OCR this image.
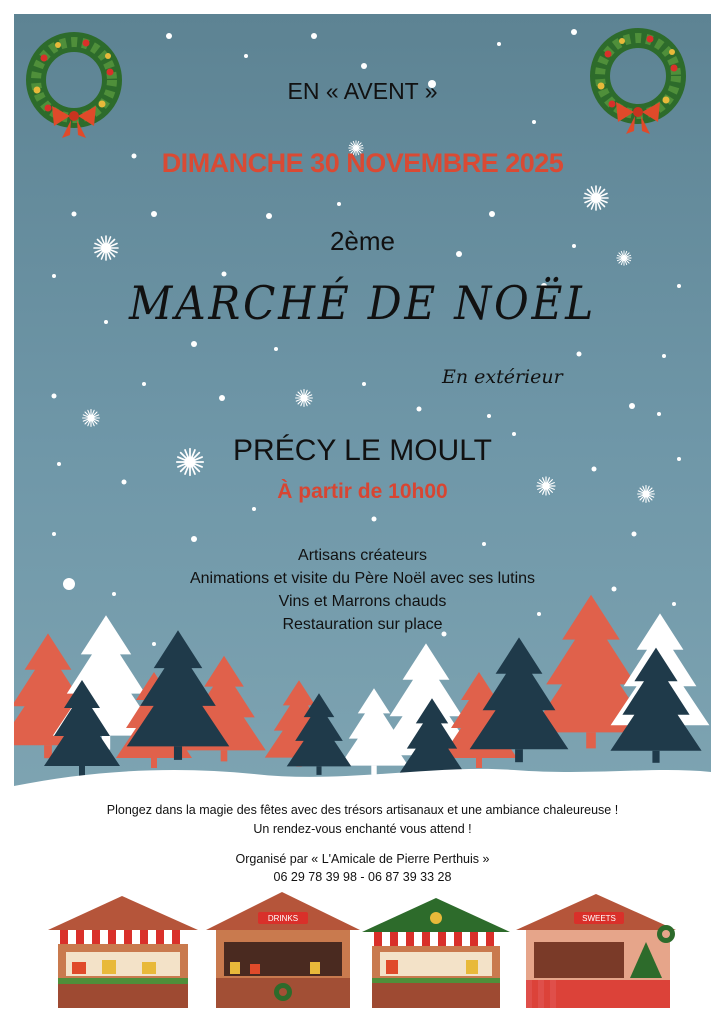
DRINKS	SWEETS

EN « AVENT »

DIMANCHE 30 NOVEMBRE 2025

2ème

MARCHÉ DE NOËL

En extérieur

PRÉCY LE MOULT

À partir de 10h00

Artisans créateurs
Animations et visite du Père Noël avec ses lutins
Vins et Marrons chauds
Restauration sur place

Plongez dans la magie des fêtes avec des trésors artisanaux et une ambiance chaleureuse !
Un rendez-vous enchanté vous attend !

Organisé par « L'Amicale de Pierre Perthuis »

06 29 78 39 98 - 06 87 39 33 28
